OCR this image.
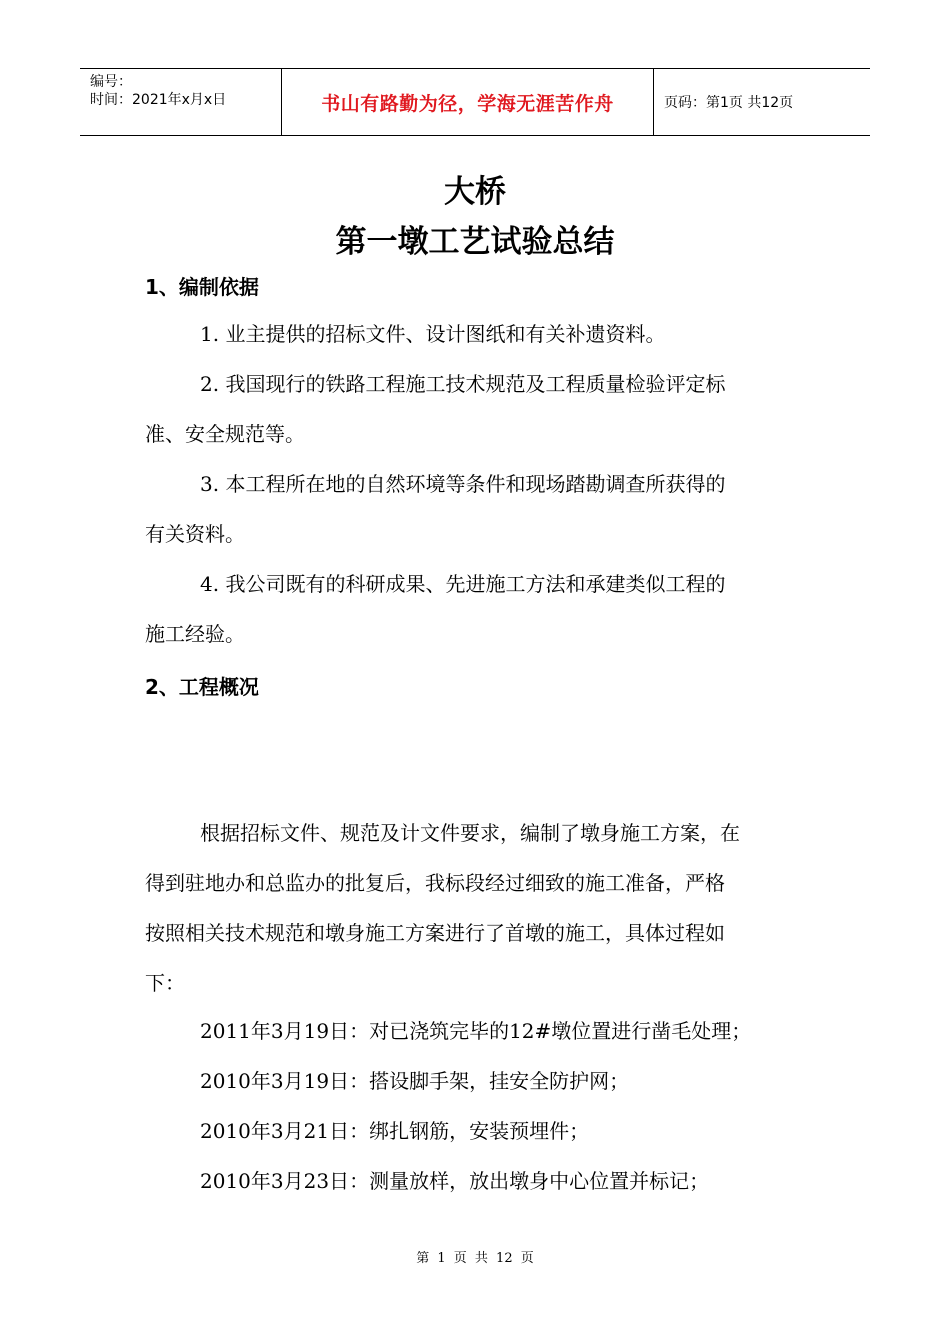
编号：
时间：2021年x月x日	书山有路勤为径，学海无涯苦作舟	页码：第1页 共12页
大桥
第一墩工艺试验总结
1、编制依据
1. 业主提供的招标文件、设计图纸和有关补遗资料。
2. 我国现行的铁路工程施工技术规范及工程质量检验评定标
准、安全规范等。
3. 本工程所在地的自然环境等条件和现场踏勘调查所获得的
有关资料。
4. 我公司既有的科研成果、先进施工方法和承建类似工程的
施工经验。
2、工程概况
根据招标文件、规范及计文件要求，编制了墩身施工方案，在
得到驻地办和总监办的批复后，我标段经过细致的施工准备，严格
按照相关技术规范和墩身施工方案进行了首墩的施工，具体过程如
下：
2011年3月19日：对已浇筑完毕的12#墩位置进行凿毛处理；
2010年3月19日：搭设脚手架，挂安全防护网；
2010年3月21日：绑扎钢筋，安装预埋件；
2010年3月23日：测量放样，放出墩身中心位置并标记；
第 1 页 共 12 页
